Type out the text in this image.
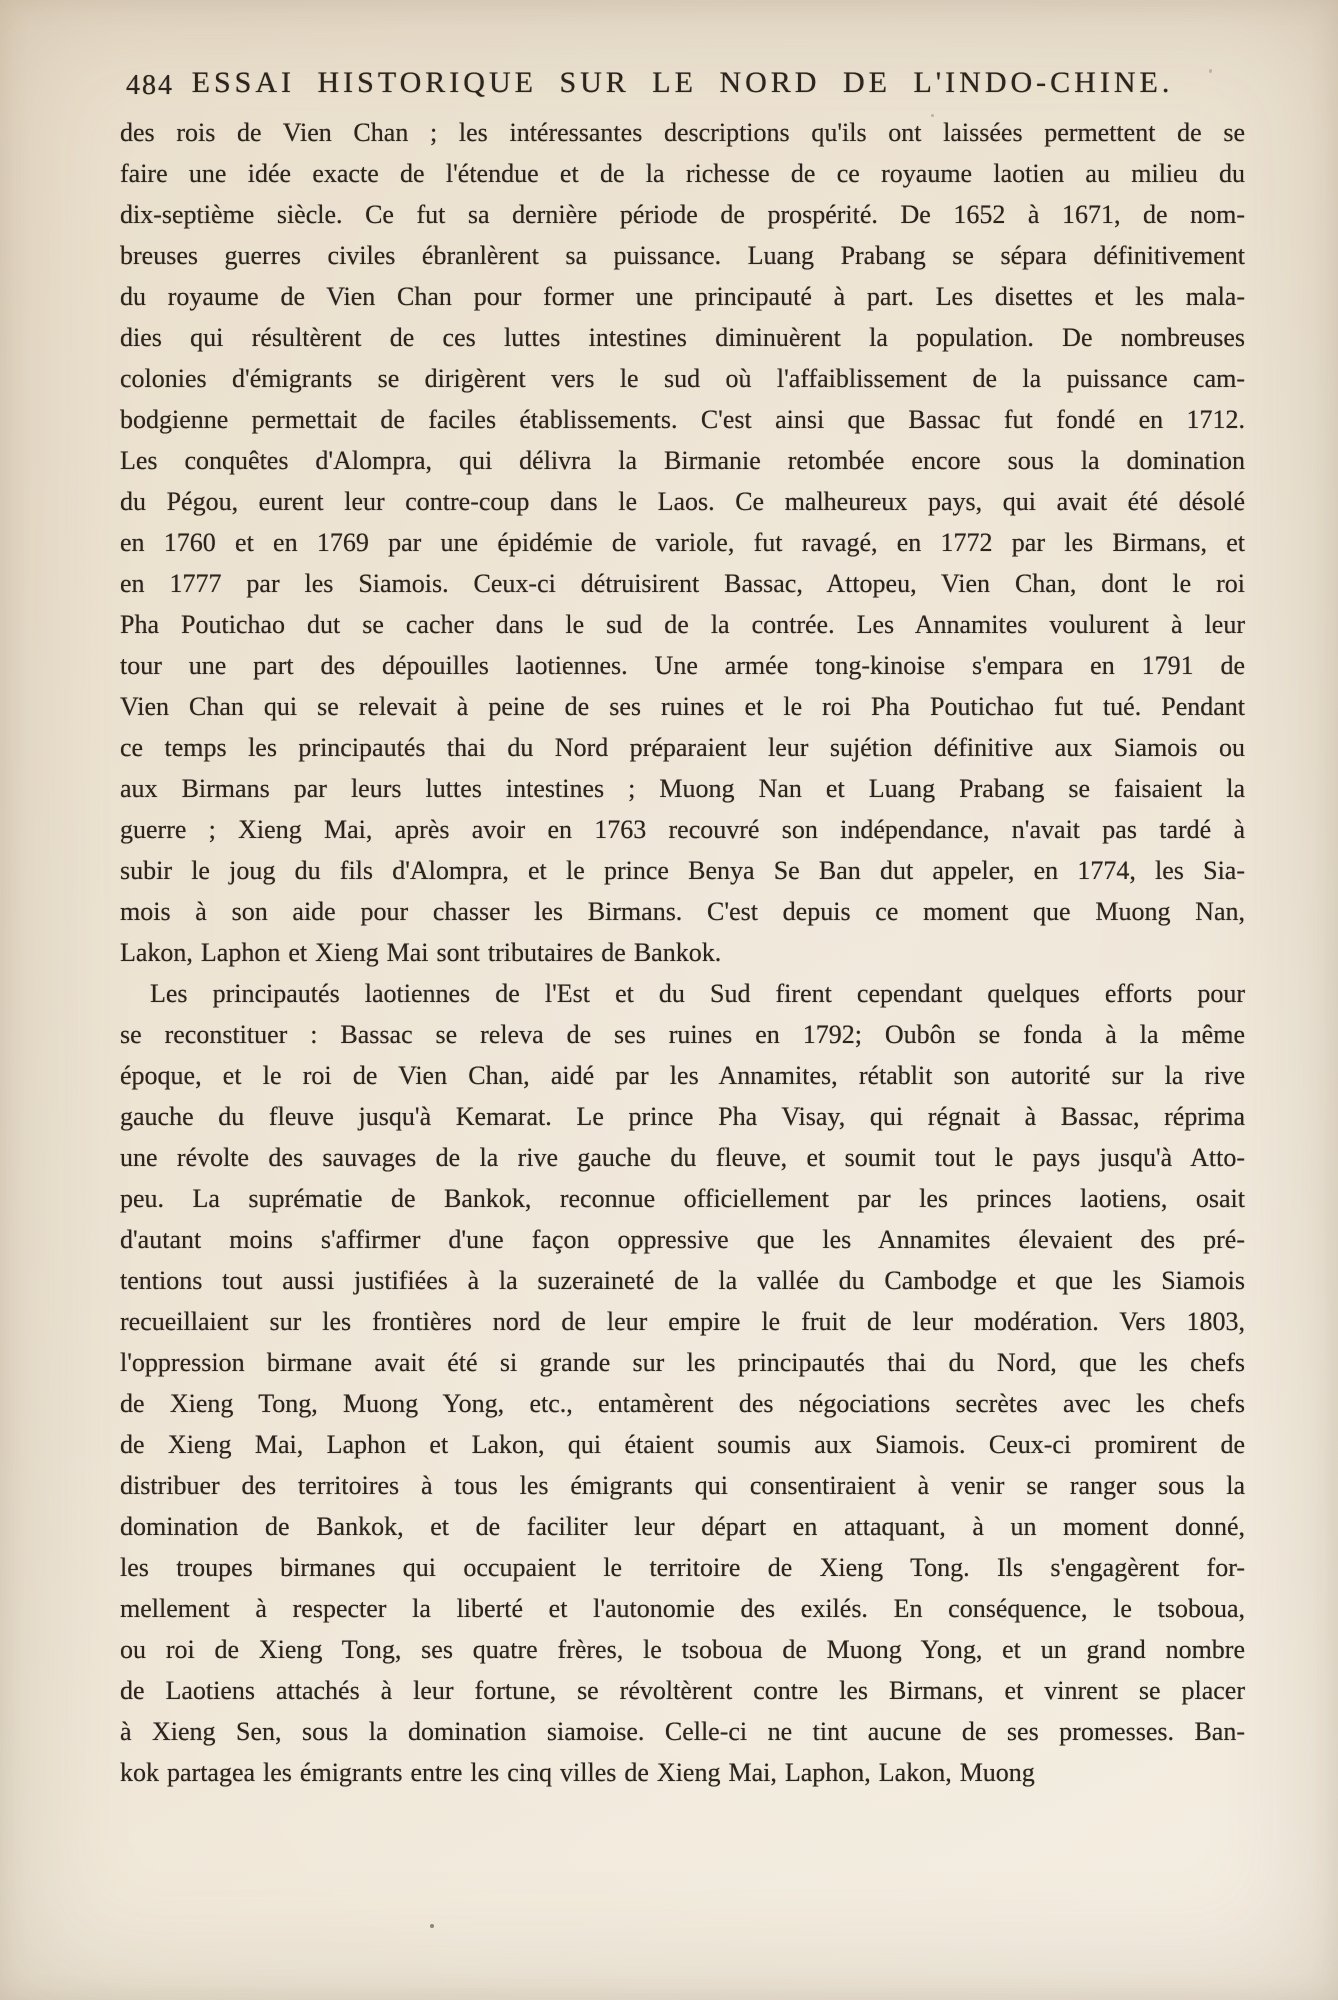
484 ESSAI HISTORIQUE SUR LE NORD DE L'INDO-CHINE.
des rois de Vien Chan ; les intéressantes descriptions qu'ils ont laissées permettent de se
faire une idée exacte de l'étendue et de la richesse de ce royaume laotien au milieu du
dix-septième siècle. Ce fut sa dernière période de prospérité. De 1652 à 1671, de nom-
breuses guerres civiles ébranlèrent sa puissance. Luang Prabang se sépara définitivement
du royaume de Vien Chan pour former une principauté à part. Les disettes et les mala-
dies qui résultèrent de ces luttes intestines diminuèrent la population. De nombreuses
colonies d'émigrants se dirigèrent vers le sud où l'affaiblissement de la puissance cam-
bodgienne permettait de faciles établissements. C'est ainsi que Bassac fut fondé en 1712.
Les conquêtes d'Alompra, qui délivra la Birmanie retombée encore sous la domination
du Pégou, eurent leur contre-coup dans le Laos. Ce malheureux pays, qui avait été désolé
en 1760 et en 1769 par une épidémie de variole, fut ravagé, en 1772 par les Birmans, et
en 1777 par les Siamois. Ceux-ci détruisirent Bassac, Attopeu, Vien Chan, dont le roi
Pha Poutichao dut se cacher dans le sud de la contrée. Les Annamites voulurent à leur
tour une part des dépouilles laotiennes. Une armée tong-kinoise s'empara en 1791 de
Vien Chan qui se relevait à peine de ses ruines et le roi Pha Poutichao fut tué. Pendant
ce temps les principautés thai du Nord préparaient leur sujétion définitive aux Siamois ou
aux Birmans par leurs luttes intestines ; Muong Nan et Luang Prabang se faisaient la
guerre ; Xieng Mai, après avoir en 1763 recouvré son indépendance, n'avait pas tardé à
subir le joug du fils d'Alompra, et le prince Benya Se Ban dut appeler, en 1774, les Sia-
mois à son aide pour chasser les Birmans. C'est depuis ce moment que Muong Nan,
Lakon, Laphon et Xieng Mai sont tributaires de Bankok.
Les principautés laotiennes de l'Est et du Sud firent cependant quelques efforts pour
se reconstituer : Bassac se releva de ses ruines en 1792; Oubôn se fonda à la même
époque, et le roi de Vien Chan, aidé par les Annamites, rétablit son autorité sur la rive
gauche du fleuve jusqu'à Kemarat. Le prince Pha Visay, qui régnait à Bassac, réprima
une révolte des sauvages de la rive gauche du fleuve, et soumit tout le pays jusqu'à Atto-
peu. La suprématie de Bankok, reconnue officiellement par les princes laotiens, osait
d'autant moins s'affirmer d'une façon oppressive que les Annamites élevaient des pré-
tentions tout aussi justifiées à la suzeraineté de la vallée du Cambodge et que les Siamois
recueillaient sur les frontières nord de leur empire le fruit de leur modération. Vers 1803,
l'oppression birmane avait été si grande sur les principautés thai du Nord, que les chefs
de Xieng Tong, Muong Yong, etc., entamèrent des négociations secrètes avec les chefs
de Xieng Mai, Laphon et Lakon, qui étaient soumis aux Siamois. Ceux-ci promirent de
distribuer des territoires à tous les émigrants qui consentiraient à venir se ranger sous la
domination de Bankok, et de faciliter leur départ en attaquant, à un moment donné,
les troupes birmanes qui occupaient le territoire de Xieng Tong. Ils s'engagèrent for-
mellement à respecter la liberté et l'autonomie des exilés. En conséquence, le tsoboua,
ou roi de Xieng Tong, ses quatre frères, le tsoboua de Muong Yong, et un grand nombre
de Laotiens attachés à leur fortune, se révoltèrent contre les Birmans, et vinrent se placer
à Xieng Sen, sous la domination siamoise. Celle-ci ne tint aucune de ses promesses. Ban-
kok partagea les émigrants entre les cinq villes de Xieng Mai, Laphon, Lakon, Muong
